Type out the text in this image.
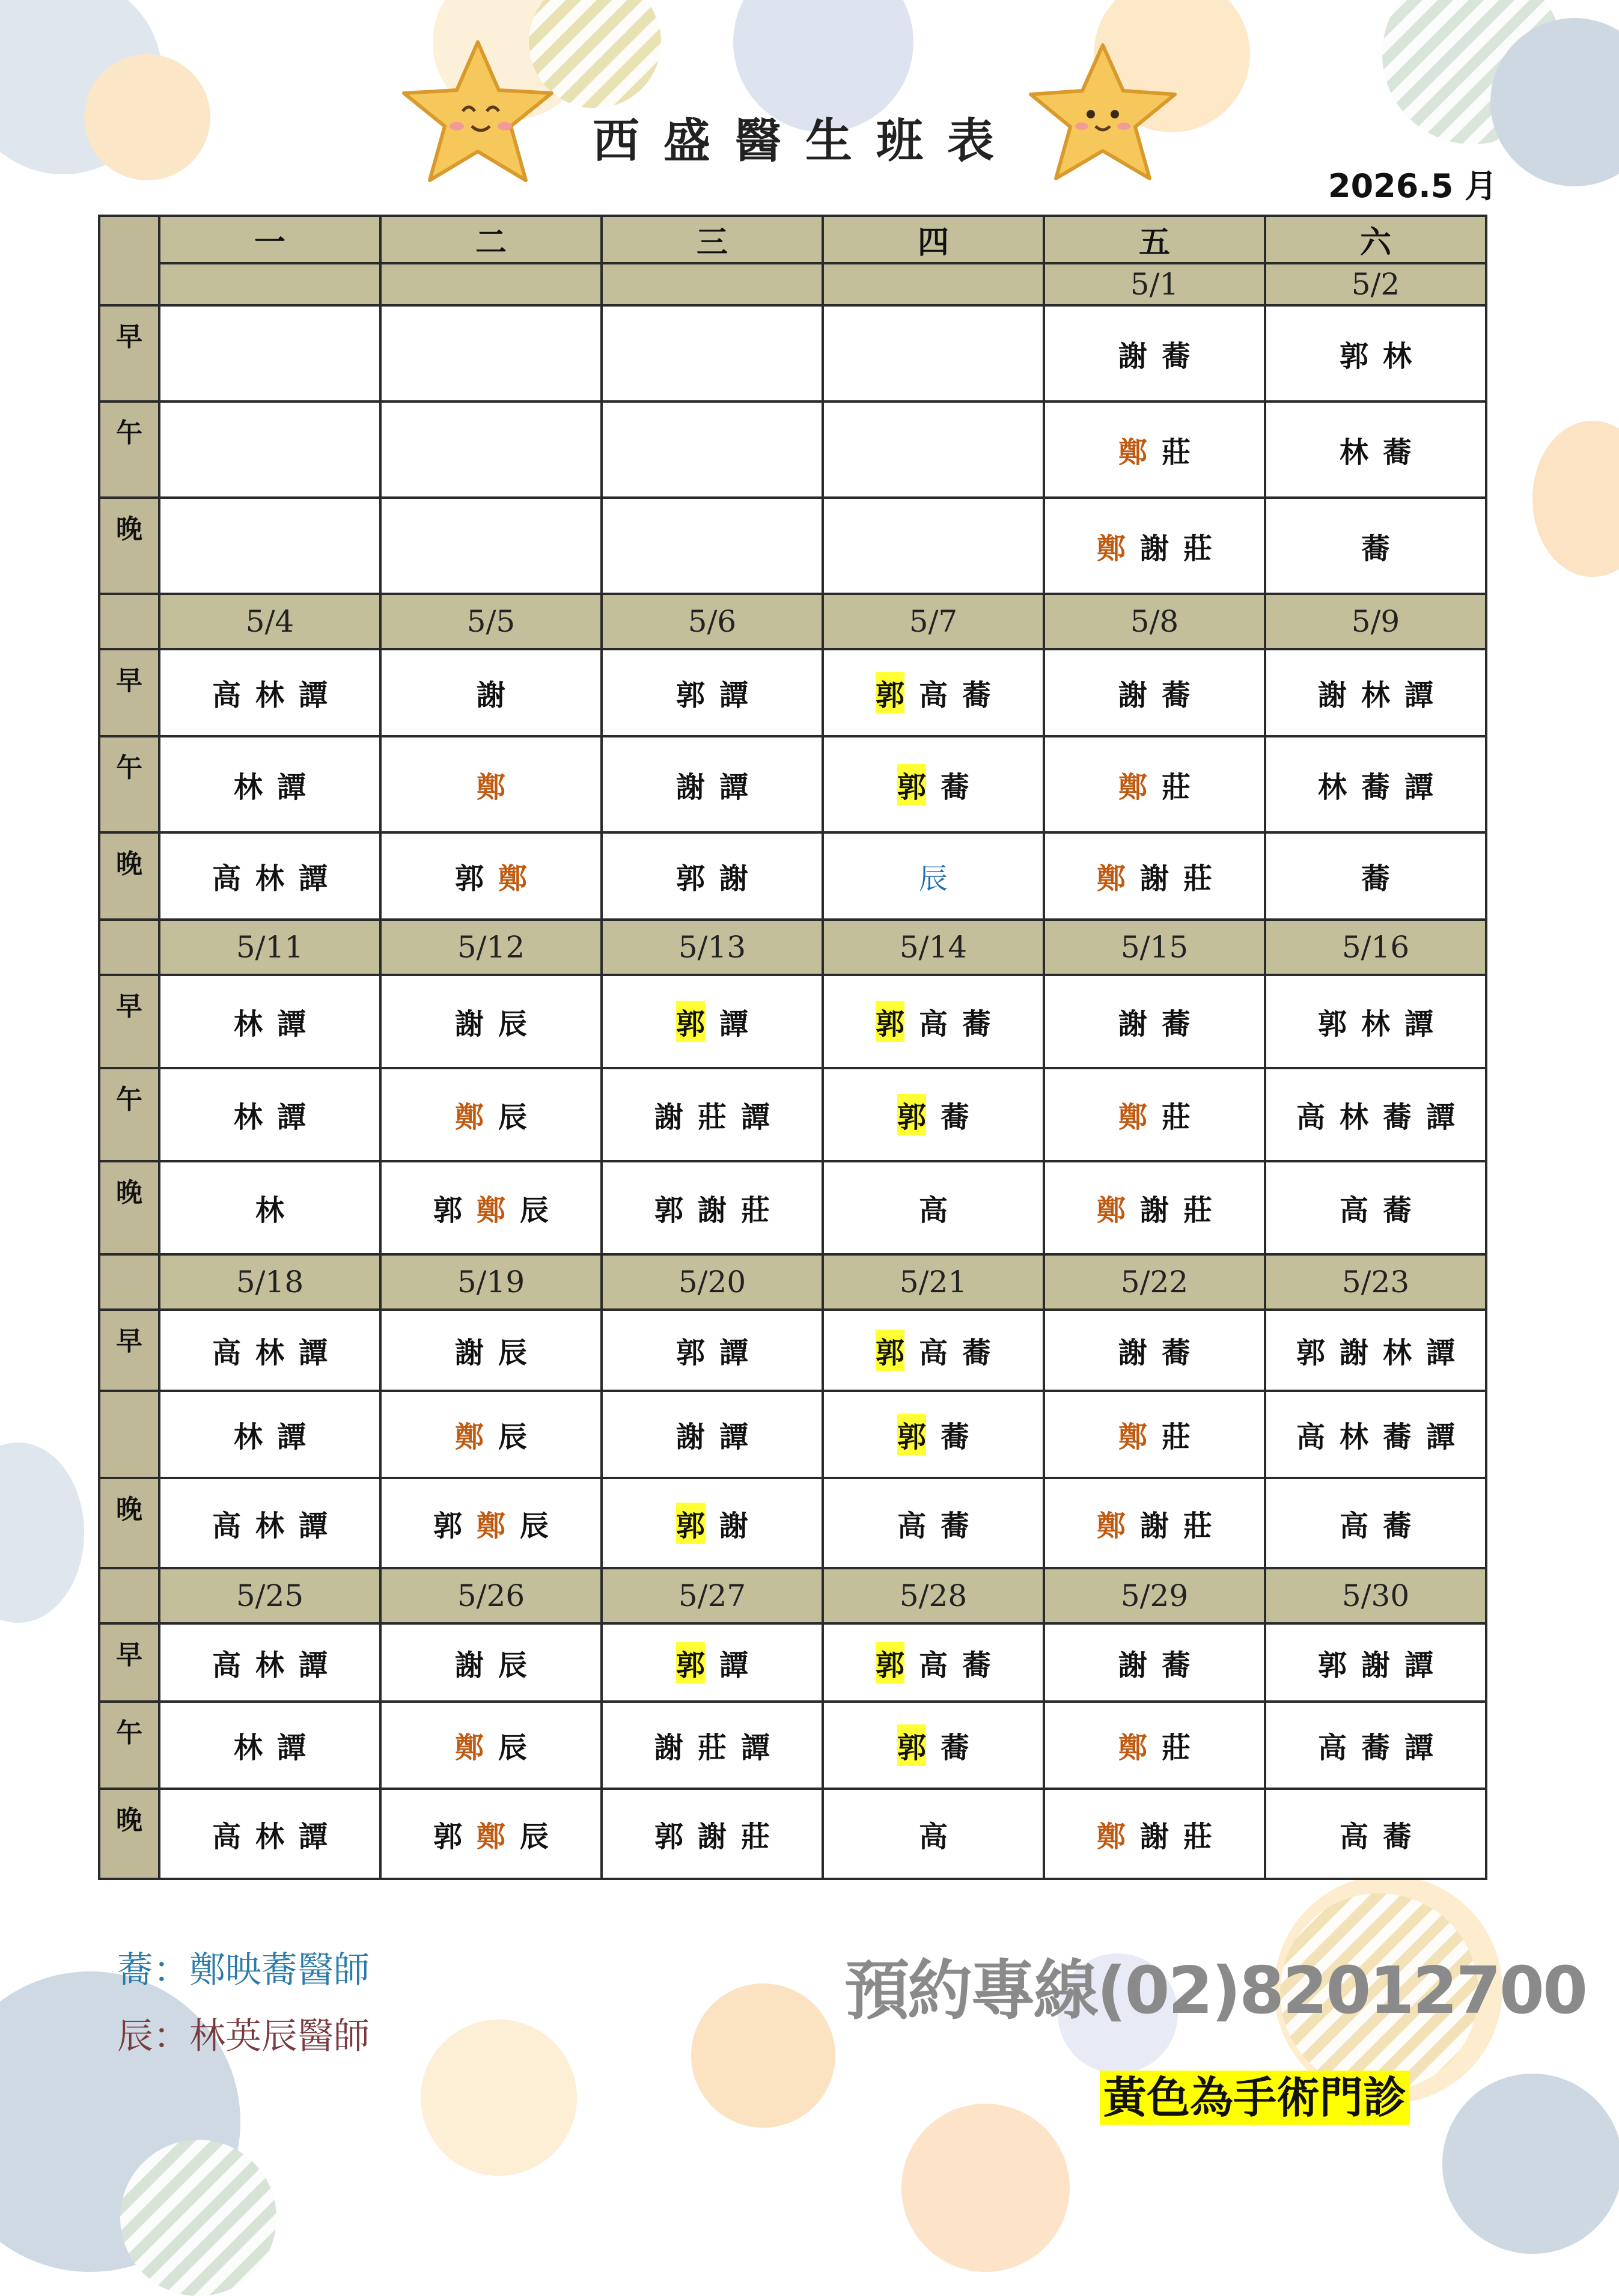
西盛醫生班表
2026.5 月
	一	二	三	四	五	六
					5/1	5/2
早					謝 蕎	郭 林
午					鄭 莊	林 蕎
晚					鄭 謝 莊	蕎
	5/4	5/5	5/6	5/7	5/8	5/9
早	高 林 譚	謝	郭 譚	郭 高 蕎	謝 蕎	謝 林 譚
午	林 譚	鄭	謝 譚	郭 蕎	鄭 莊	林 蕎 譚
晚	高 林 譚	郭 鄭	郭 謝	辰	鄭 謝 莊	蕎
	5/11	5/12	5/13	5/14	5/15	5/16
早	林 譚	謝 辰	郭 譚	郭 高 蕎	謝 蕎	郭 林 譚
午	林 譚	鄭 辰	謝 莊 譚	郭 蕎	鄭 莊	高 林 蕎 譚
晚	林	郭 鄭 辰	郭 謝 莊	高	鄭 謝 莊	高 蕎
	5/18	5/19	5/20	5/21	5/22	5/23
早	高 林 譚	謝 辰	郭 譚	郭 高 蕎	謝 蕎	郭 謝 林 譚
	林 譚	鄭 辰	謝 譚	郭 蕎	鄭 莊	高 林 蕎 譚
晚	高 林 譚	郭 鄭 辰	郭 謝	高 蕎	鄭 謝 莊	高 蕎
	5/25	5/26	5/27	5/28	5/29	5/30
早	高 林 譚	謝 辰	郭 譚	郭 高 蕎	謝 蕎	郭 謝 譚
午	林 譚	鄭 辰	謝 莊 譚	郭 蕎	鄭 莊	高 蕎 譚
晚	高 林 譚	郭 鄭 辰	郭 謝 莊	高	鄭 謝 莊	高 蕎
蕎：鄭映蕎醫師
辰：林英辰醫師
預約專線(02)82012700
黃色為手術門診
